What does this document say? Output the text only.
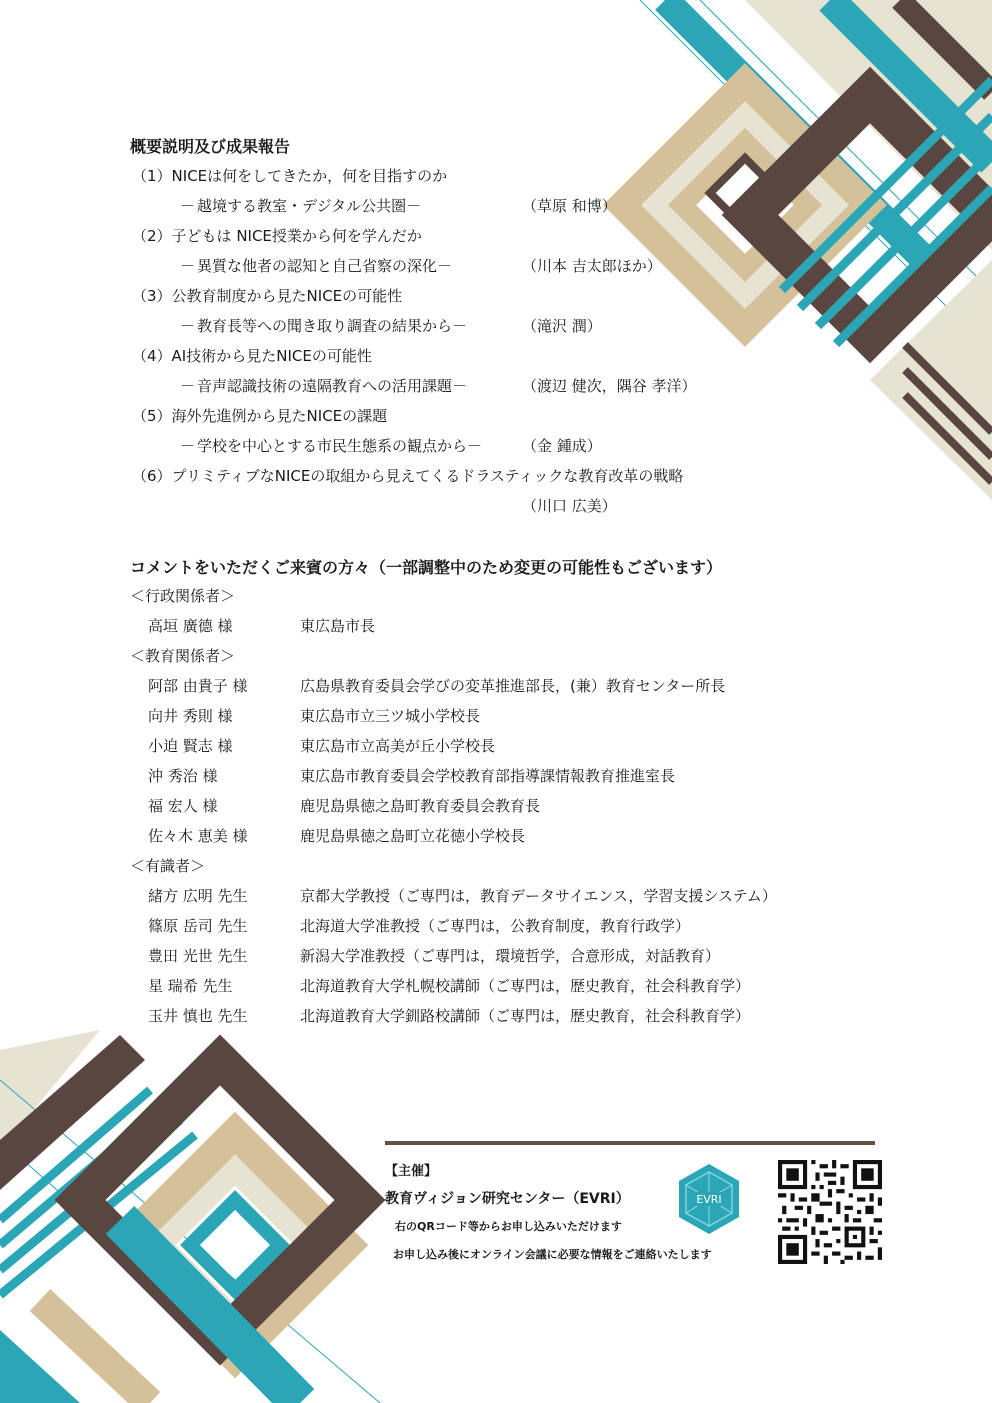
概要説明及び成果報告
（1）NICEは何をしてきたか，何を目指すのか
－ 越境する教室・デジタル公共圏－	（草原 和博）
（2）子どもは NICE授業から何を学んだか
－ 異質な他者の認知と自己省察の深化－	（川本 吉太郎ほか）
（3）公教育制度から見たNICEの可能性
－ 教育長等への聞き取り調査の結果から－	（滝沢 潤）
（4）AI技術から見たNICEの可能性
－ 音声認識技術の遠隔教育への活用課題－	（渡辺 健次，隅谷 孝洋）
（5）海外先進例から見たNICEの課題
－ 学校を中心とする市民生態系の観点から－	（金 鍾成）
（6）プリミティブなNICEの取組から見えてくるドラスティックな教育改革の戦略
（川口 広美）
コメントをいただくご来賓の方々（一部調整中のため変更の可能性もございます）
＜行政関係者＞
高垣 廣德 様	東広島市長
＜教育関係者＞
阿部 由貴子 様	広島県教育委員会学びの変革推進部長，(兼）教育センター所長
向井 秀則 様	東広島市立三ツ城小学校長
小迫 賢志 様	東広島市立高美が丘小学校長
沖 秀治 様	東広島市教育委員会学校教育部指導課情報教育推進室長
福 宏人 様	鹿児島県徳之島町教育委員会教育長
佐々木 恵美 様	鹿児島県徳之島町立花徳小学校長
＜有識者＞
緒方 広明 先生	京都大学教授（ご専門は，教育データサイエンス，学習支援システム）
篠原 岳司 先生	北海道大学准教授（ご専門は，公教育制度，教育行政学）
豊田 光世 先生	新潟大学准教授（ご専門は，環境哲学，合意形成，対話教育）
星 瑞希 先生	北海道教育大学札幌校講師（ご専門は，歴史教育，社会科教育学）
玉井 慎也 先生	北海道教育大学釧路校講師（ご専門は，歴史教育，社会科教育学）
【主催】
教育ヴィジョン研究センター（EVRI）
右のQRコード等からお申し込みいただけます
お申し込み後にオンライン会議に必要な情報をご連絡いたします
EVRI
